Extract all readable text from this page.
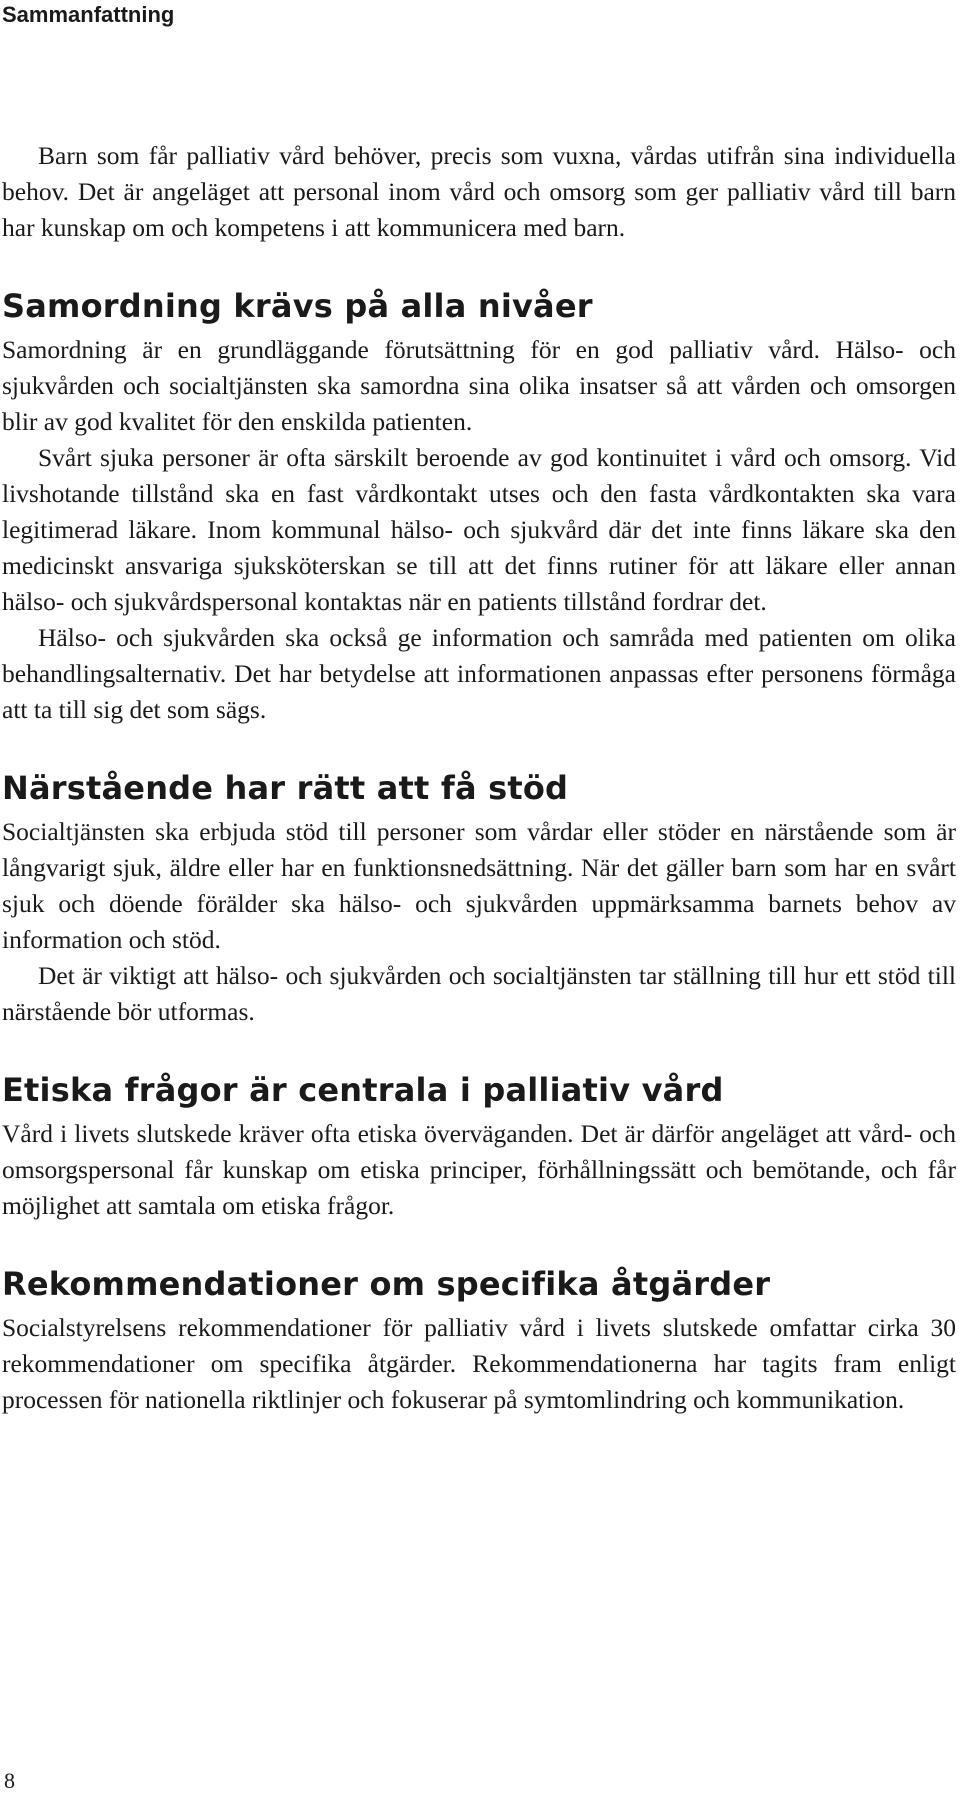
Sammanfattning

Barn som får palliativ vård behöver, precis som vuxna, vårdas utifrån sina individuella behov. Det är angeläget att personal inom vård och omsorg som ger palliativ vård till barn har kunskap om och kompetens i att kommunicera med barn.

Samordning krävs på alla nivåer

Samordning är en grundläggande förutsättning för en god palliativ vård. Hälso- och sjukvården och socialtjänsten ska samordna sina olika insatser så att vården och omsorgen blir av god kvalitet för den enskilda patienten.

Svårt sjuka personer är ofta särskilt beroende av god kontinuitet i vård och omsorg. Vid livshotande tillstånd ska en fast vårdkontakt utses och den fasta vårdkontakten ska vara legitimerad läkare. Inom kommunal hälso- och sjukvård där det inte finns läkare ska den medicinskt ansvariga sjuksköterskan se till att det finns rutiner för att läkare eller annan hälso- och sjukvårdspersonal kontaktas när en patients tillstånd fordrar det.

Hälso- och sjukvården ska också ge information och samråda med patienten om olika behandlingsalternativ. Det har betydelse att informationen anpassas efter personens förmåga att ta till sig det som sägs.

Närstående har rätt att få stöd

Socialtjänsten ska erbjuda stöd till personer som vårdar eller stöder en närstående som är långvarigt sjuk, äldre eller har en funktionsnedsättning. När det gäller barn som har en svårt sjuk och döende förälder ska hälso- och sjukvården uppmärksamma barnets behov av information och stöd.

Det är viktigt att hälso- och sjukvården och socialtjänsten tar ställning till hur ett stöd till närstående bör utformas.

Etiska frågor är centrala i palliativ vård

Vård i livets slutskede kräver ofta etiska överväganden. Det är därför angeläget att vård- och omsorgspersonal får kunskap om etiska principer, förhållningssätt och bemötande, och får möjlighet att samtala om etiska frågor.

Rekommendationer om specifika åtgärder

Socialstyrelsens rekommendationer för palliativ vård i livets slutskede omfattar cirka 30 rekommendationer om specifika åtgärder. Rekommendationerna har tagits fram enligt processen för nationella riktlinjer och fokuserar på symtomlindring och kommunikation.

8
